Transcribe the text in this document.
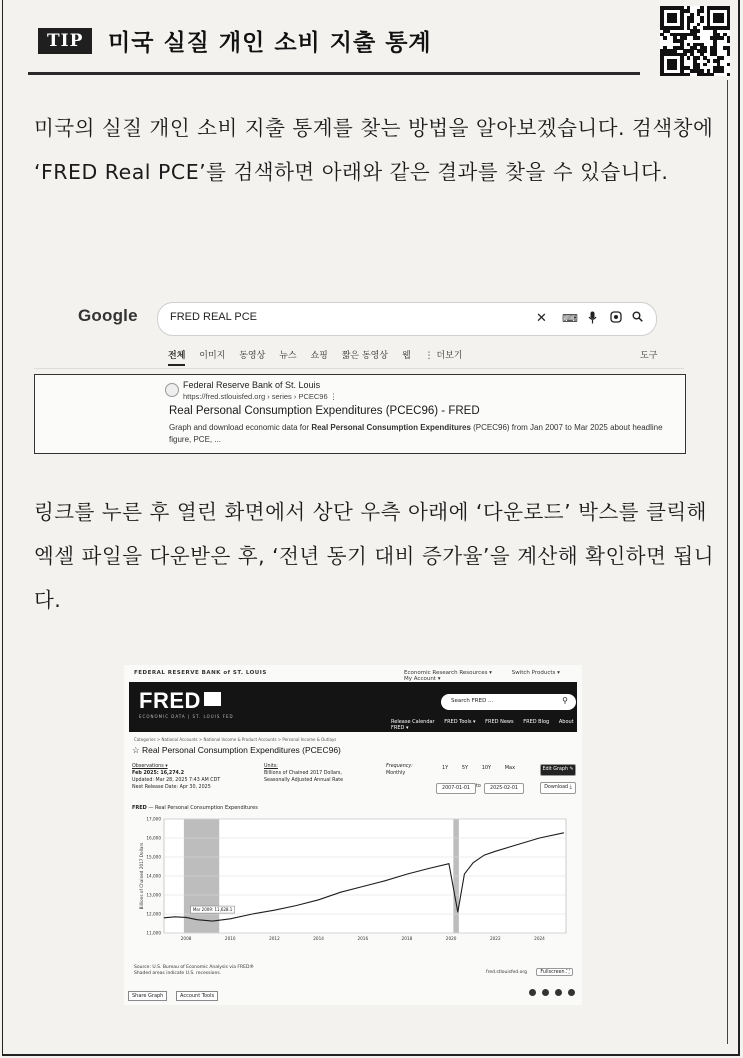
TIP	미국 실질 개인 소비 지출 통계
미국의 실질 개인 소비 지출 통계를 찾는 방법을 알아보겠습니다. 검색창에 ‘FRED Real PCE’를 검색하면 아래와 같은 결과를 찾을 수 있습니다.
Google	FRED REAL PCE	✕ ⌨
전체 이미지 동영상 뉴스 쇼핑 짧은 동영상 웹 ⋮ 더보기	도구
Federal Reserve Bank of St. Louis
https://fred.stlouisfed.org › series › PCEC96 ⋮
Real Personal Consumption Expenditures (PCEC96) - FRED
Graph and download economic data for Real Personal Consumption Expenditures (PCEC96) from Jan 2007 to Mar 2025 about headline figure, PCE, ...
링크를 누른 후 열린 화면에서 상단 우측 아래에 ‘다운로드’ 박스를 클릭해 엑셀 파일을 다운받은 후, ‘전년 동기 대비 증가율’을 계산해 확인하면 됩니다.
FEDERAL RESERVE BANK of ST. LOUIS	Economic Research Resources ▾	Switch Products ▾ My Account ▾
FRED
ECONOMIC DATA | ST. LOUIS FED
Search FRED ...	⚲
Release Calendar FRED Tools ▾ FRED News FRED Blog About FRED ▾
Categories > National Accounts > National Income & Product Accounts > Personal Income & Outlays
☆ Real Personal Consumption Expenditures (PCEC96)
Observations ▾
Feb 2025: 16,274.2
Updated: Mar 28, 2025 7:43 AM CDT
Next Release Date: Apr 30, 2025
Units:
Billions of Chained 2017 Dollars, Seasonally Adjusted Annual Rate
Frequency:
Monthly
1Y	5Y	10Y	Max
2007-01-01	to	2025-02-01
Edit Graph ✎
Download ⤓
FRED — Real Personal Consumption Expenditures
11,000
12,000
13,000
14,000
15,000
16,000
17,000
2008	2010	2012	2014	2016	2018	2020	2022	2024
Billions of Chained 2017 Dollars
Mar 2009: 11,628.1
Source: U.S. Bureau of Economic Analysis via FRED®
Shaded areas indicate U.S. recessions.	fred.stlouisfed.org	Fullscreen ⛶
Share Graph	Account Tools
